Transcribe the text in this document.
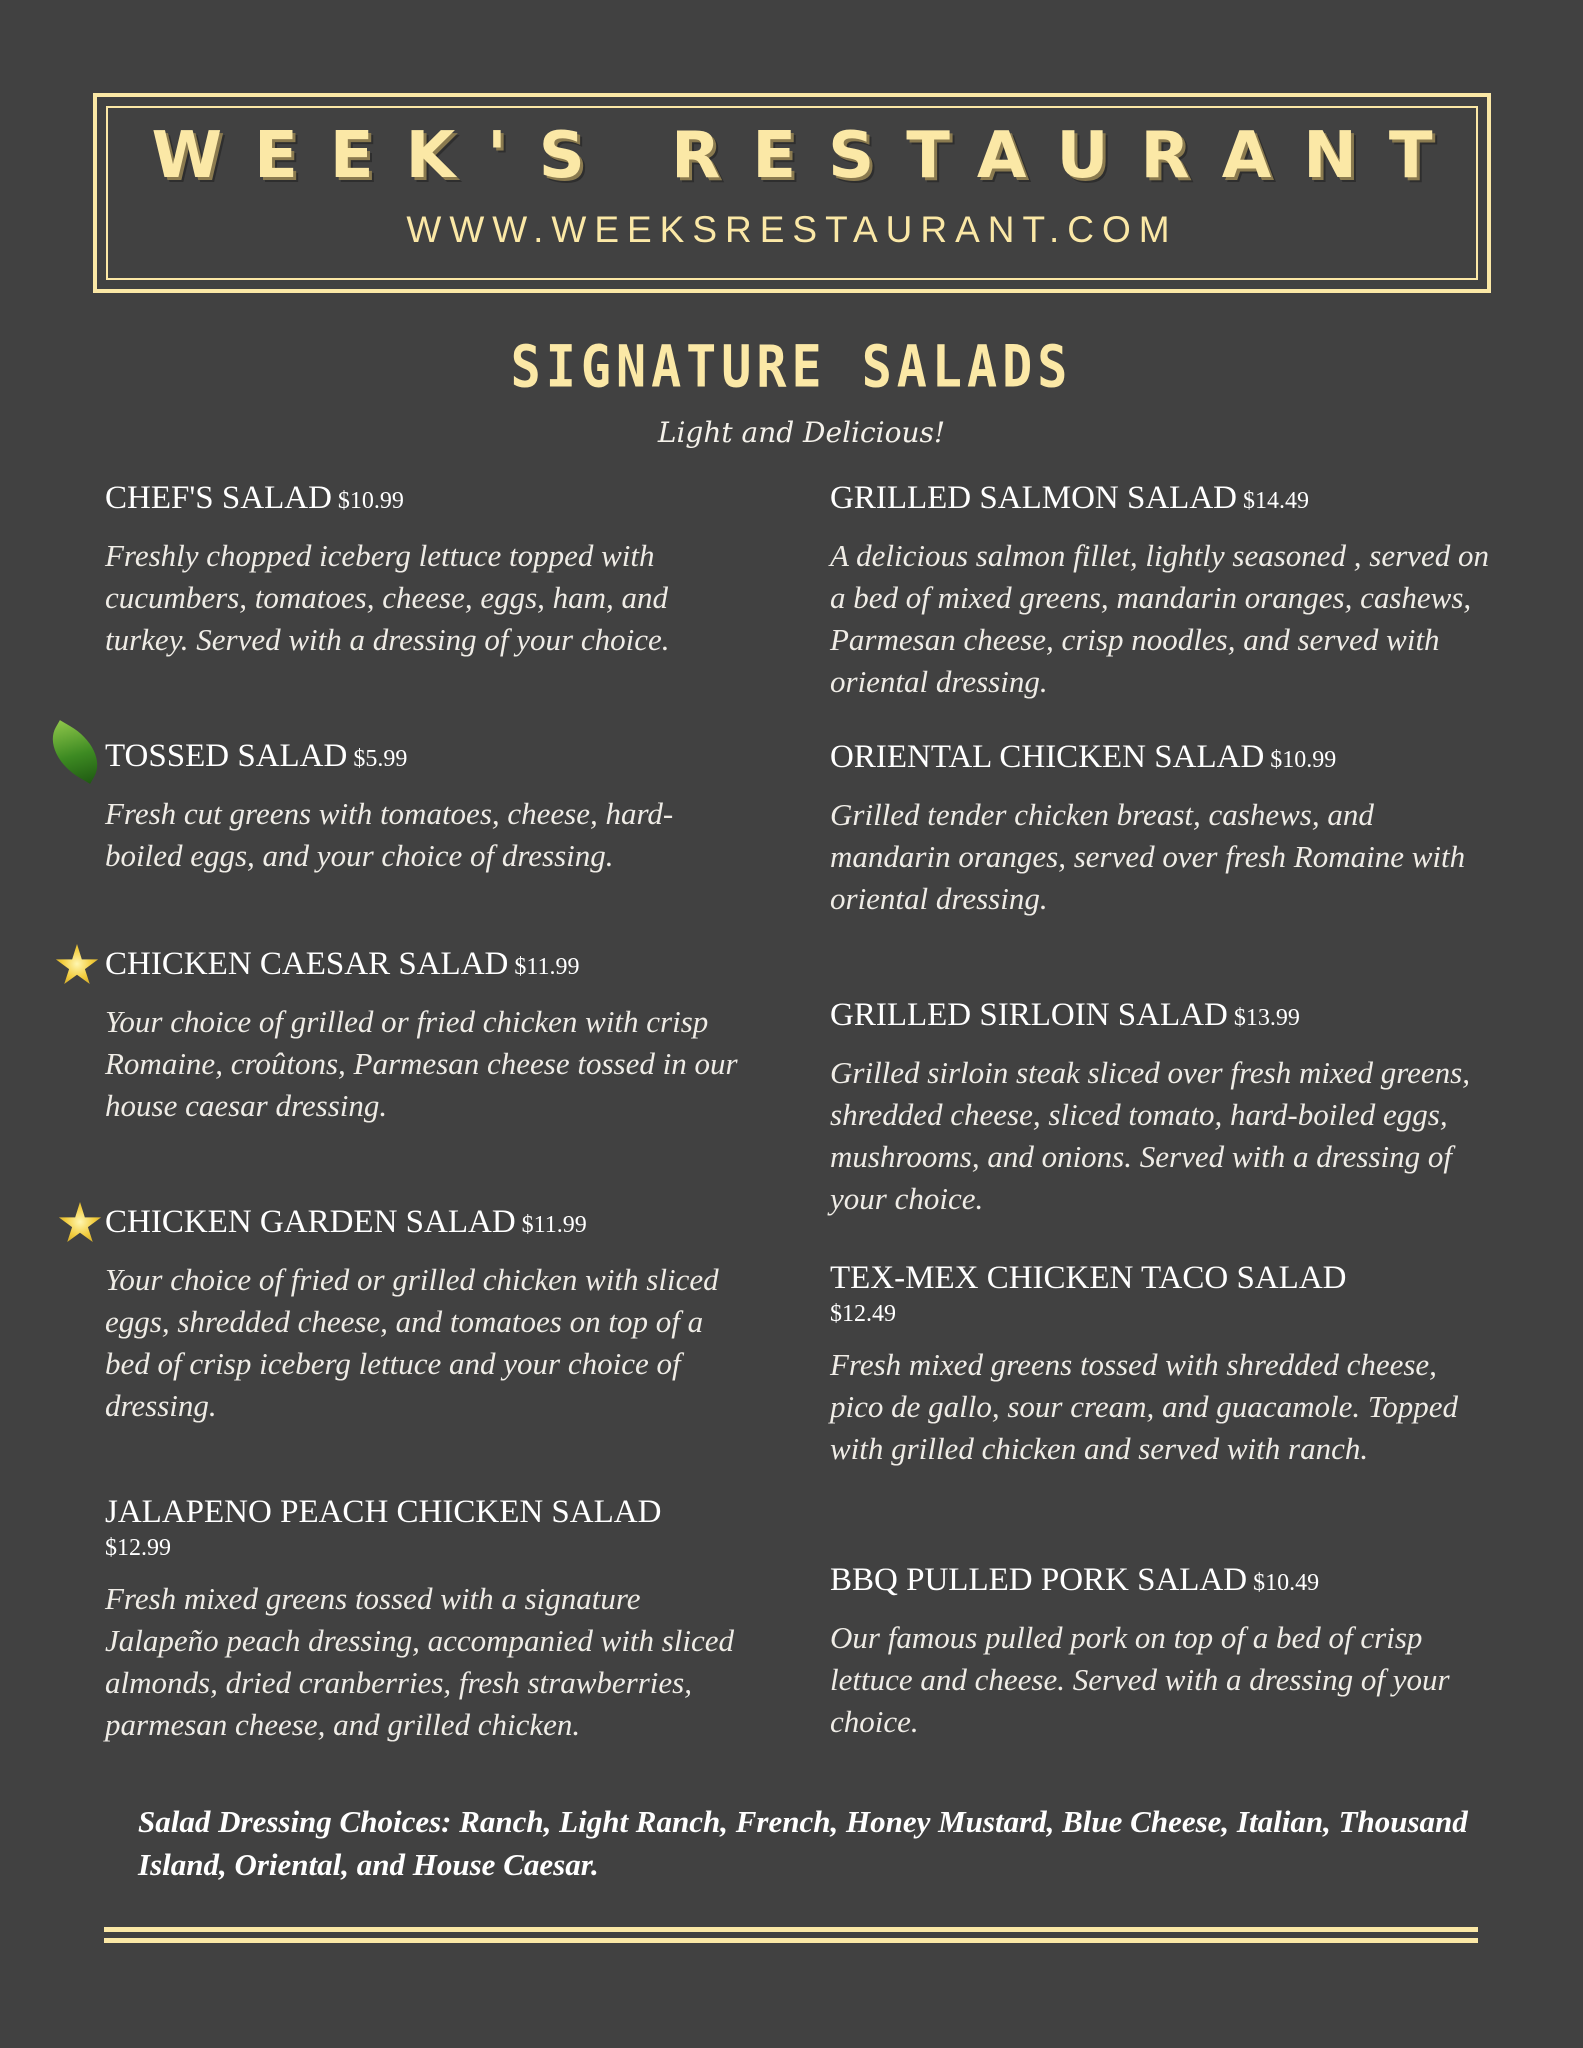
WEEK'S RESTAURANT
WWW.WEEKSRESTAURANT.COM
SIGNATURE SALADS
Light and Delicious!
CHEF'S SALAD $10.99

Freshly chopped iceberg lettuce topped with cucumbers, tomatoes, cheese, eggs, ham, and turkey. Served with a dressing of your choice.

TOSSED SALAD $5.99

Fresh cut greens with tomatoes, cheese, hard-boiled eggs, and your choice of dressing.

CHICKEN CAESAR SALAD $11.99

Your choice of grilled or fried chicken with crisp Romaine, croûtons, Parmesan cheese tossed in our house caesar dressing.

CHICKEN GARDEN SALAD $11.99

Your choice of fried or grilled chicken with sliced eggs, shredded cheese, and tomatoes on top of a bed of crisp iceberg lettuce and your choice of dressing.

JALAPENO PEACH CHICKEN SALAD
$12.99

Fresh mixed greens tossed with a signature Jalapeño peach dressing, accompanied with sliced almonds, dried cranberries, fresh strawberries, parmesan cheese, and grilled chicken.

GRILLED SALMON SALAD $14.49

A delicious salmon fillet, lightly seasoned , served on a bed of mixed greens, mandarin oranges, cashews, Parmesan cheese, crisp noodles, and served with oriental dressing.

ORIENTAL CHICKEN SALAD $10.99

Grilled tender chicken breast, cashews, and mandarin oranges, served over fresh Romaine with oriental dressing.

GRILLED SIRLOIN SALAD $13.99

Grilled sirloin steak sliced over fresh mixed greens, shredded cheese, sliced tomato, hard-boiled eggs, mushrooms, and onions. Served with a dressing of your choice.

TEX-MEX CHICKEN TACO SALAD
$12.49

Fresh mixed greens tossed with shredded cheese, pico de gallo, sour cream, and guacamole. Topped with grilled chicken and served with ranch.

BBQ PULLED PORK SALAD $10.49

Our famous pulled pork on top of a bed of crisp lettuce and cheese. Served with a dressing of your choice.

Salad Dressing Choices: Ranch, Light Ranch, French, Honey Mustard, Blue Cheese, Italian, Thousand Island, Oriental, and House Caesar.
